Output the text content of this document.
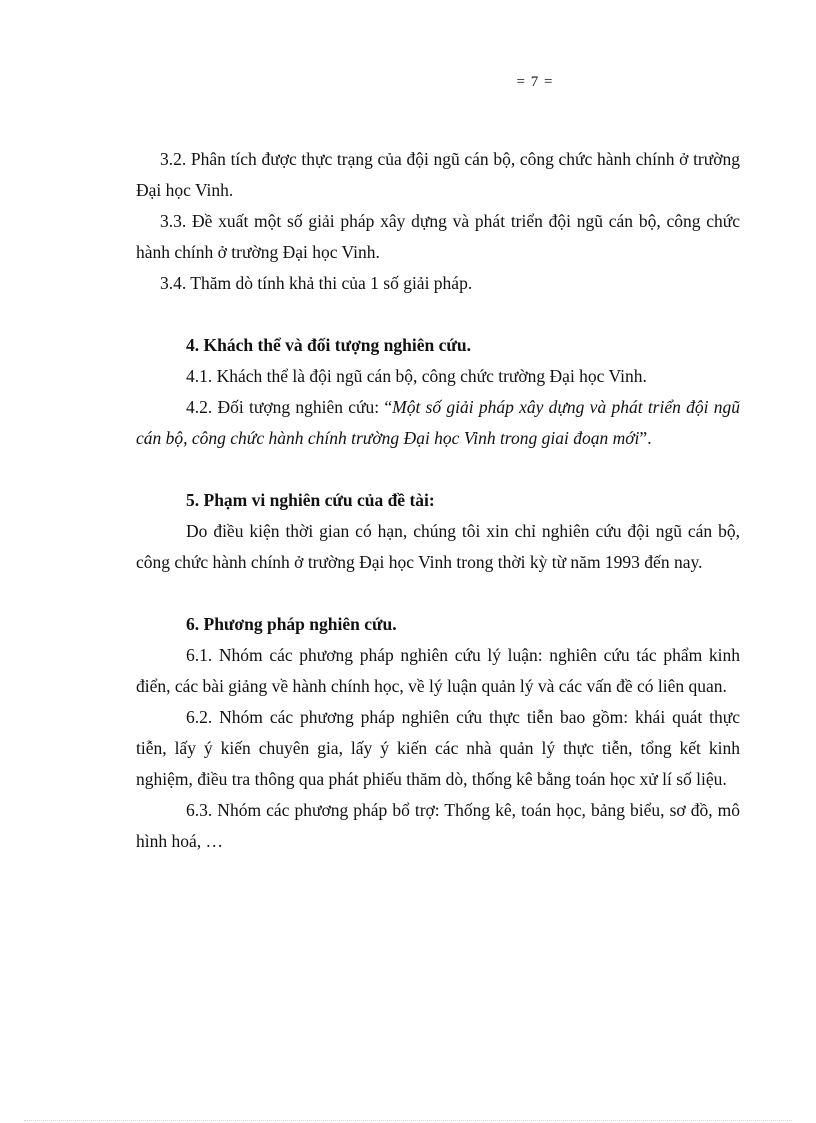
= 7 =

3.2. Phân tích được thực trạng của đội ngũ cán bộ, công chức hành chính ở trường Đại học Vinh.

3.3. Đề xuất một số giải pháp xây dựng và phát triển đội ngũ cán bộ, công chức hành chính ở trường Đại học Vinh.

3.4. Thăm dò tính khả thi của 1 số giải pháp.

4. Khách thể và đối tượng nghiên cứu.

4.1. Khách thể là đội ngũ cán bộ, công chức trường Đại học Vinh.

4.2. Đối tượng nghiên cứu: “Một số giải pháp xây dựng và phát triển đội ngũ cán bộ, công chức hành chính trường Đại học Vinh trong giai đoạn mới”.

5. Phạm vi nghiên cứu của đề tài:

Do điều kiện thời gian có hạn, chúng tôi xin chỉ nghiên cứu đội ngũ cán bộ, công chức hành chính ở trường Đại học Vinh trong thời kỳ từ năm 1993 đến nay.

6. Phương pháp nghiên cứu.

6.1. Nhóm các phương pháp nghiên cứu lý luận: nghiên cứu tác phẩm kinh điển, các bài giảng về hành chính học, về lý luận quản lý và các vấn đề có liên quan.

6.2. Nhóm các phương pháp nghiên cứu thực tiễn bao gồm: khái quát thực tiễn, lấy ý kiến chuyên gia, lấy ý kiến các nhà quản lý thực tiễn, tổng kết kinh nghiệm, điều tra thông qua phát phiếu thăm dò, thống kê bằng toán học xử lí số liệu.

6.3. Nhóm các phương pháp bổ trợ: Thống kê, toán học, bảng biểu, sơ đồ, mô hình hoá, …
